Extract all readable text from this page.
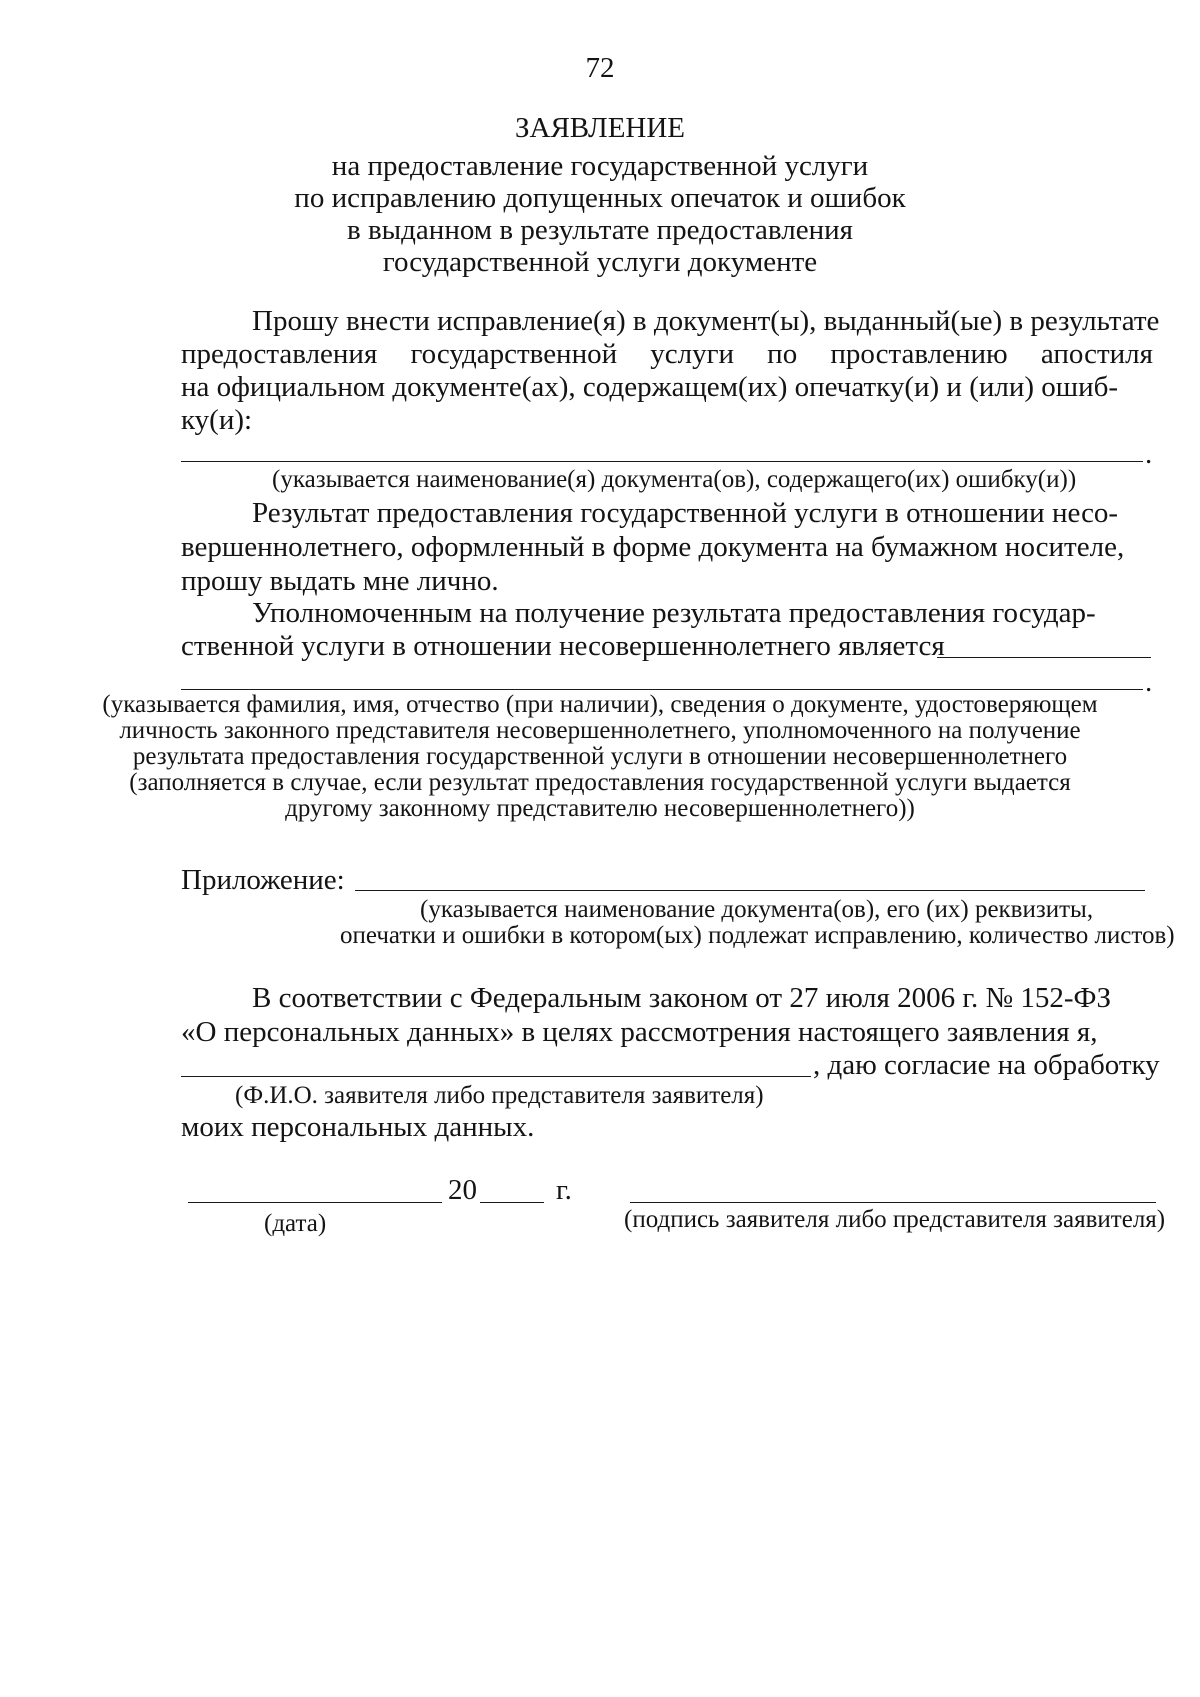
72
ЗАЯВЛЕНИЕ
на предоставление государственной услуги
по исправлению допущенных опечаток и ошибок
в выданном в результате предоставления
государственной услуги документе
Прошу внести исправление(я) в документ(ы), выданный(ые) в результате
предоставления государственной услуги по проставлению апостиля
на официальном документе(ах), содержащем(их) опечатку(и) и (или) ошиб-
ку(и):
.
(указывается наименование(я) документа(ов), содержащего(их) ошибку(и))
Результат предоставления государственной услуги в отношении несо-
вершеннолетнего, оформленный в форме документа на бумажном носителе,
прошу выдать мне лично.
Уполномоченным на получение результата предоставления государ-
ственной услуги в отношении несовершеннолетнего является
.
(указывается фамилия, имя, отчество (при наличии), сведения о документе, удостоверяющем
личность законного представителя несовершеннолетнего, уполномоченного на получение
результата предоставления государственной услуги в отношении несовершеннолетнего
(заполняется в случае, если результат предоставления государственной услуги выдается
другому законному представителю несовершеннолетнего))
Приложение:
(указывается наименование документа(ов), его (их) реквизиты,
опечатки и ошибки в котором(ых) подлежат исправлению, количество листов)
В соответствии с Федеральным законом от 27 июля 2006 г. № 152-ФЗ
«О персональных данных» в целях рассмотрения настоящего заявления я,
, даю согласие на обработку
(Ф.И.О. заявителя либо представителя заявителя)
моих персональных данных.
20	г.
(дата)	(подпись заявителя либо представителя заявителя)
